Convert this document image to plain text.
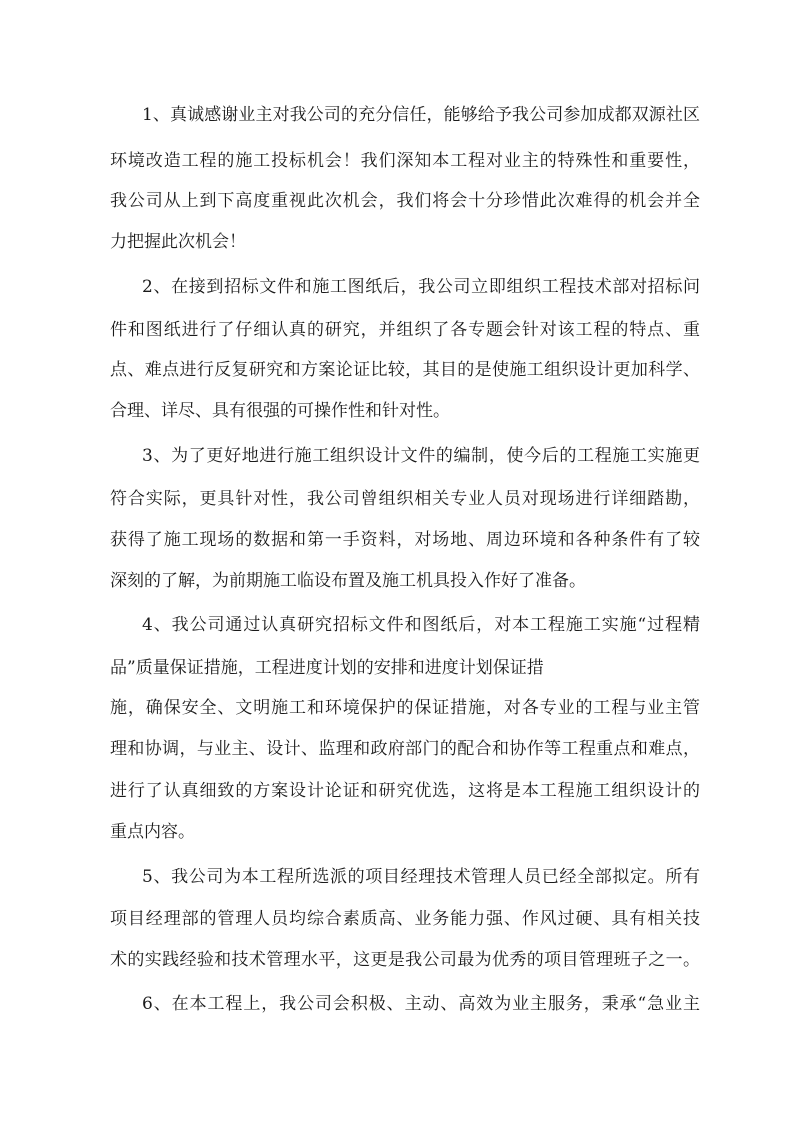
1、真诚感谢业主对我公司的充分信任，能够给予我公司参加成都双源社区
环境改造工程的施工投标机会！我们深知本工程对业主的特殊性和重要性，
我公司从上到下高度重视此次机会，我们将会十分珍惜此次难得的机会并全
力把握此次机会！
2、在接到招标文件和施工图纸后，我公司立即组织工程技术部对招标问
件和图纸进行了仔细认真的研究，并组织了各专题会针对该工程的特点、重
点、难点进行反复研究和方案论证比较，其目的是使施工组织设计更加科学、
合理、详尽、具有很强的可操作性和针对性。
3、为了更好地进行施工组织设计文件的编制，使今后的工程施工实施更
符合实际，更具针对性，我公司曾组织相关专业人员对现场进行详细踏勘，
获得了施工现场的数据和第一手资料，对场地、周边环境和各种条件有了较
深刻的了解，为前期施工临设布置及施工机具投入作好了准备。
4、我公司通过认真研究招标文件和图纸后，对本工程施工实施“过程精
品”质量保证措施，工程进度计划的安排和进度计划保证措
施，确保安全、文明施工和环境保护的保证措施，对各专业的工程与业主管
理和协调，与业主、设计、监理和政府部门的配合和协作等工程重点和难点，
进行了认真细致的方案设计论证和研究优选，这将是本工程施工组织设计的
重点内容。
5、我公司为本工程所选派的项目经理技术管理人员已经全部拟定。所有
项目经理部的管理人员均综合素质高、业务能力强、作风过硬、具有相关技
术的实践经验和技术管理水平，这更是我公司最为优秀的项目管理班子之一。
6、在本工程上，我公司会积极、主动、高效为业主服务，秉承“急业主
